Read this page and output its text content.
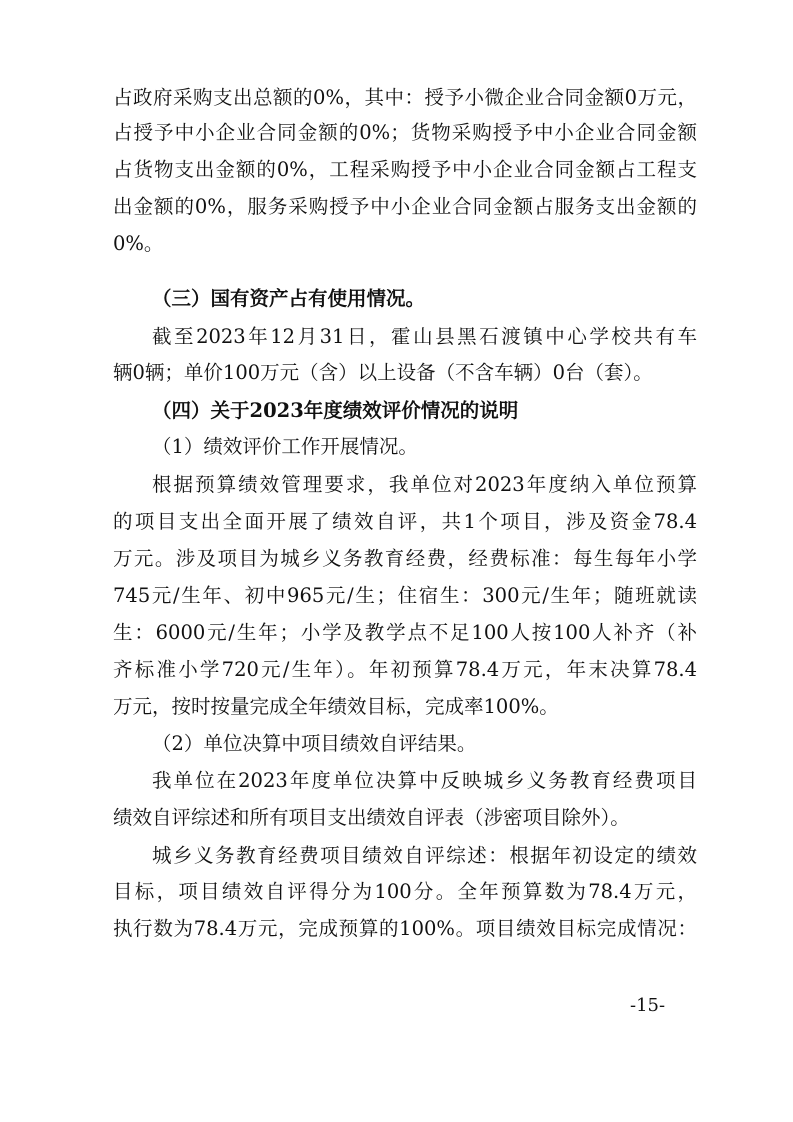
占政府采购支出总额的0%，其中：授予小微企业合同金额0万元，
占授予中小企业合同金额的0%；货物采购授予中小企业合同金额
占货物支出金额的0%，工程采购授予中小企业合同金额占工程支
出金额的0%，服务采购授予中小企业合同金额占服务支出金额的
0%。
（三）国有资产占有使用情况。
截至2023年12月31日，霍山县黑石渡镇中心学校共有车
辆0辆；单价100万元（含）以上设备（不含车辆）0台（套）。
（四）关于2023年度绩效评价情况的说明
（1）绩效评价工作开展情况。
根据预算绩效管理要求，我单位对2023年度纳入单位预算
的项目支出全面开展了绩效自评，共1个项目，涉及资金78.4
万元。涉及项目为城乡义务教育经费，经费标准：每生每年小学
745元/生年、初中965元/生；住宿生：300元/生年；随班就读
生：6000元/生年；小学及教学点不足100人按100人补齐（补
齐标准小学720元/生年）。年初预算78.4万元，年末决算78.4
万元，按时按量完成全年绩效目标，完成率100%。
（2）单位决算中项目绩效自评结果。
我单位在2023年度单位决算中反映城乡义务教育经费项目
绩效自评综述和所有项目支出绩效自评表（涉密项目除外）。
城乡义务教育经费项目绩效自评综述：根据年初设定的绩效
目标，项目绩效自评得分为100分。全年预算数为78.4万元，
执行数为78.4万元，完成预算的100%。项目绩效目标完成情况：
-15-
